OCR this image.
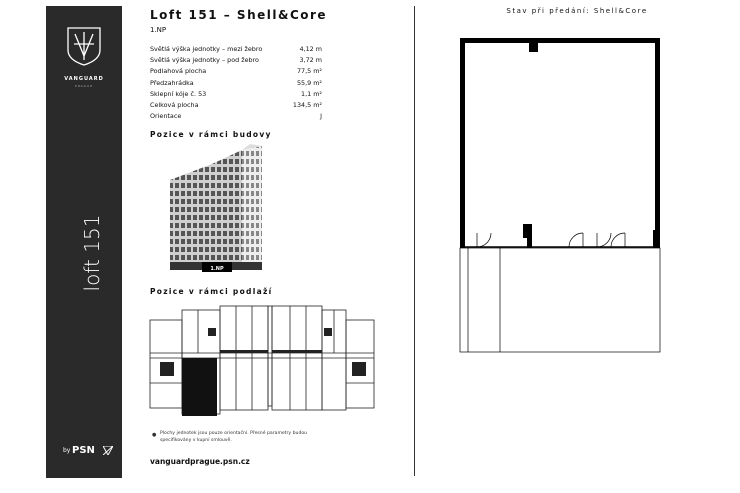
VANGUARD
PRAGUE
loft 151
by PSN
Loft 151 – Shell&Core
1.NP
Světlá výška jednotky – mezi žebro	4,12 m
Světlá výška jednotky – pod žebro	3,72 m
Podlahová plocha	77,5 m²
Předzahrádka	55,9 m²
Sklepní kóje č. 53	1,1 m²
Celková plocha	134,5 m²
Orientace	J
Pozice v rámci budovy
1.NP
Pozice v rámci podlaží
● Plochy jednotek jsou pouze orientační. Přesné parametry budou specifikovány v kupní smlouvě.
vanguardprague.psn.cz
Stav při předání: Shell&Core
